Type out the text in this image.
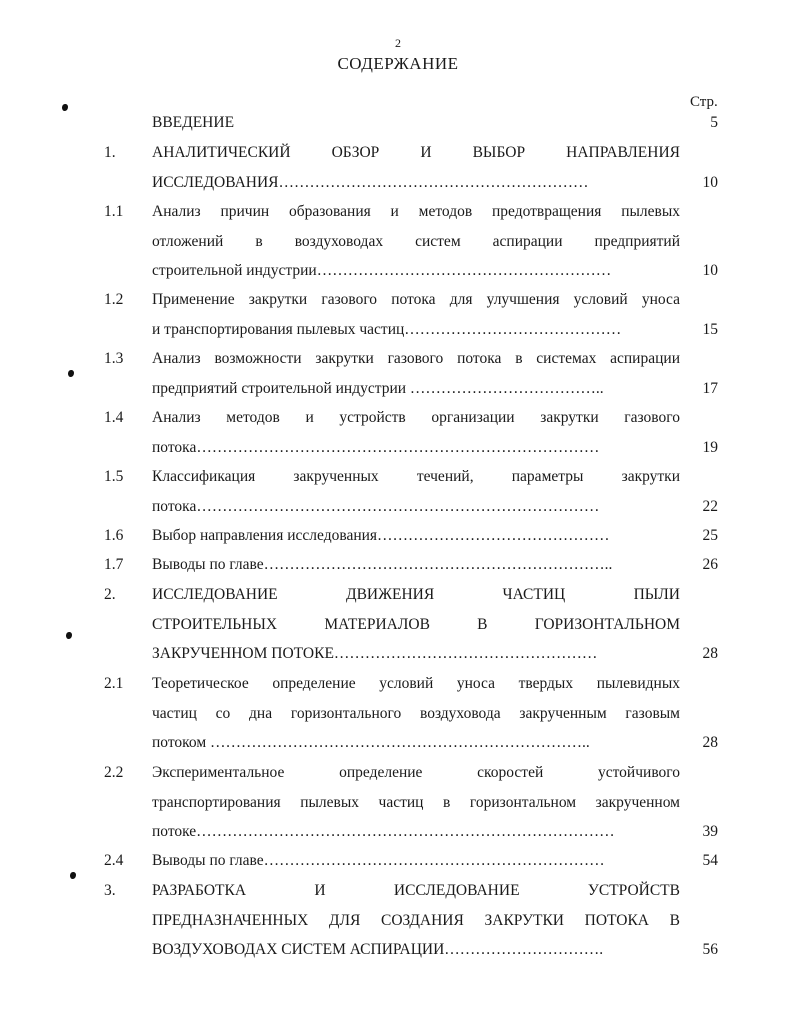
2
СОДЕРЖАНИЕ
Стр.
ВВЕДЕНИЕ	5
1. АНАЛИТИЧЕСКИЙ ОБЗОР И ВЫБОР НАПРАВЛЕНИЯ
ИССЛЕДОВАНИЯ……………………………………………………	10
1.1 Анализ причин образования и методов предотвращения пылевых
отложений в воздуховодах систем аспирации предприятий
строительной индустрии…………………………………………………	10
1.2 Применение закрутки газового потока для улучшения условий уноса
и транспортирования пылевых частиц……………………………………	15
1.3 Анализ возможности закрутки газового потока в системах аспирации
предприятий строительной индустрии ………………………………..	17
1.4 Анализ методов и устройств организации закрутки газового
потока……………………………………………………………………	19
1.5 Классификация закрученных течений, параметры закрутки
потока……………………………………………………………………	22
1.6 Выбор направления исследования………………………………………	25
1.7 Выводы по главе…………………………………………………………..	26
2. ИССЛЕДОВАНИЕ ДВИЖЕНИЯ ЧАСТИЦ ПЫЛИ
СТРОИТЕЛЬНЫХ МАТЕРИАЛОВ В ГОРИЗОНТАЛЬНОМ
ЗАКРУЧЕННОМ ПОТОКЕ……………………………………………	28
2.1 Теоретическое определение условий уноса твердых пылевидных
частиц со дна горизонтального воздуховода закрученным газовым
потоком ………………………………………………………………..	28
2.2 Экспериментальное определение скоростей устойчивого
транспортирования пылевых частиц в горизонтальном закрученном
потоке………………………………………………………………………	39
2.4 Выводы по главе…………………………………………………………	54
3. РАЗРАБОТКА И ИССЛЕДОВАНИЕ УСТРОЙСТВ
ПРЕДНАЗНАЧЕННЫХ ДЛЯ СОЗДАНИЯ ЗАКРУТКИ ПОТОКА В
ВОЗДУХОВОДАХ СИСТЕМ АСПИРАЦИИ………………………….	56
